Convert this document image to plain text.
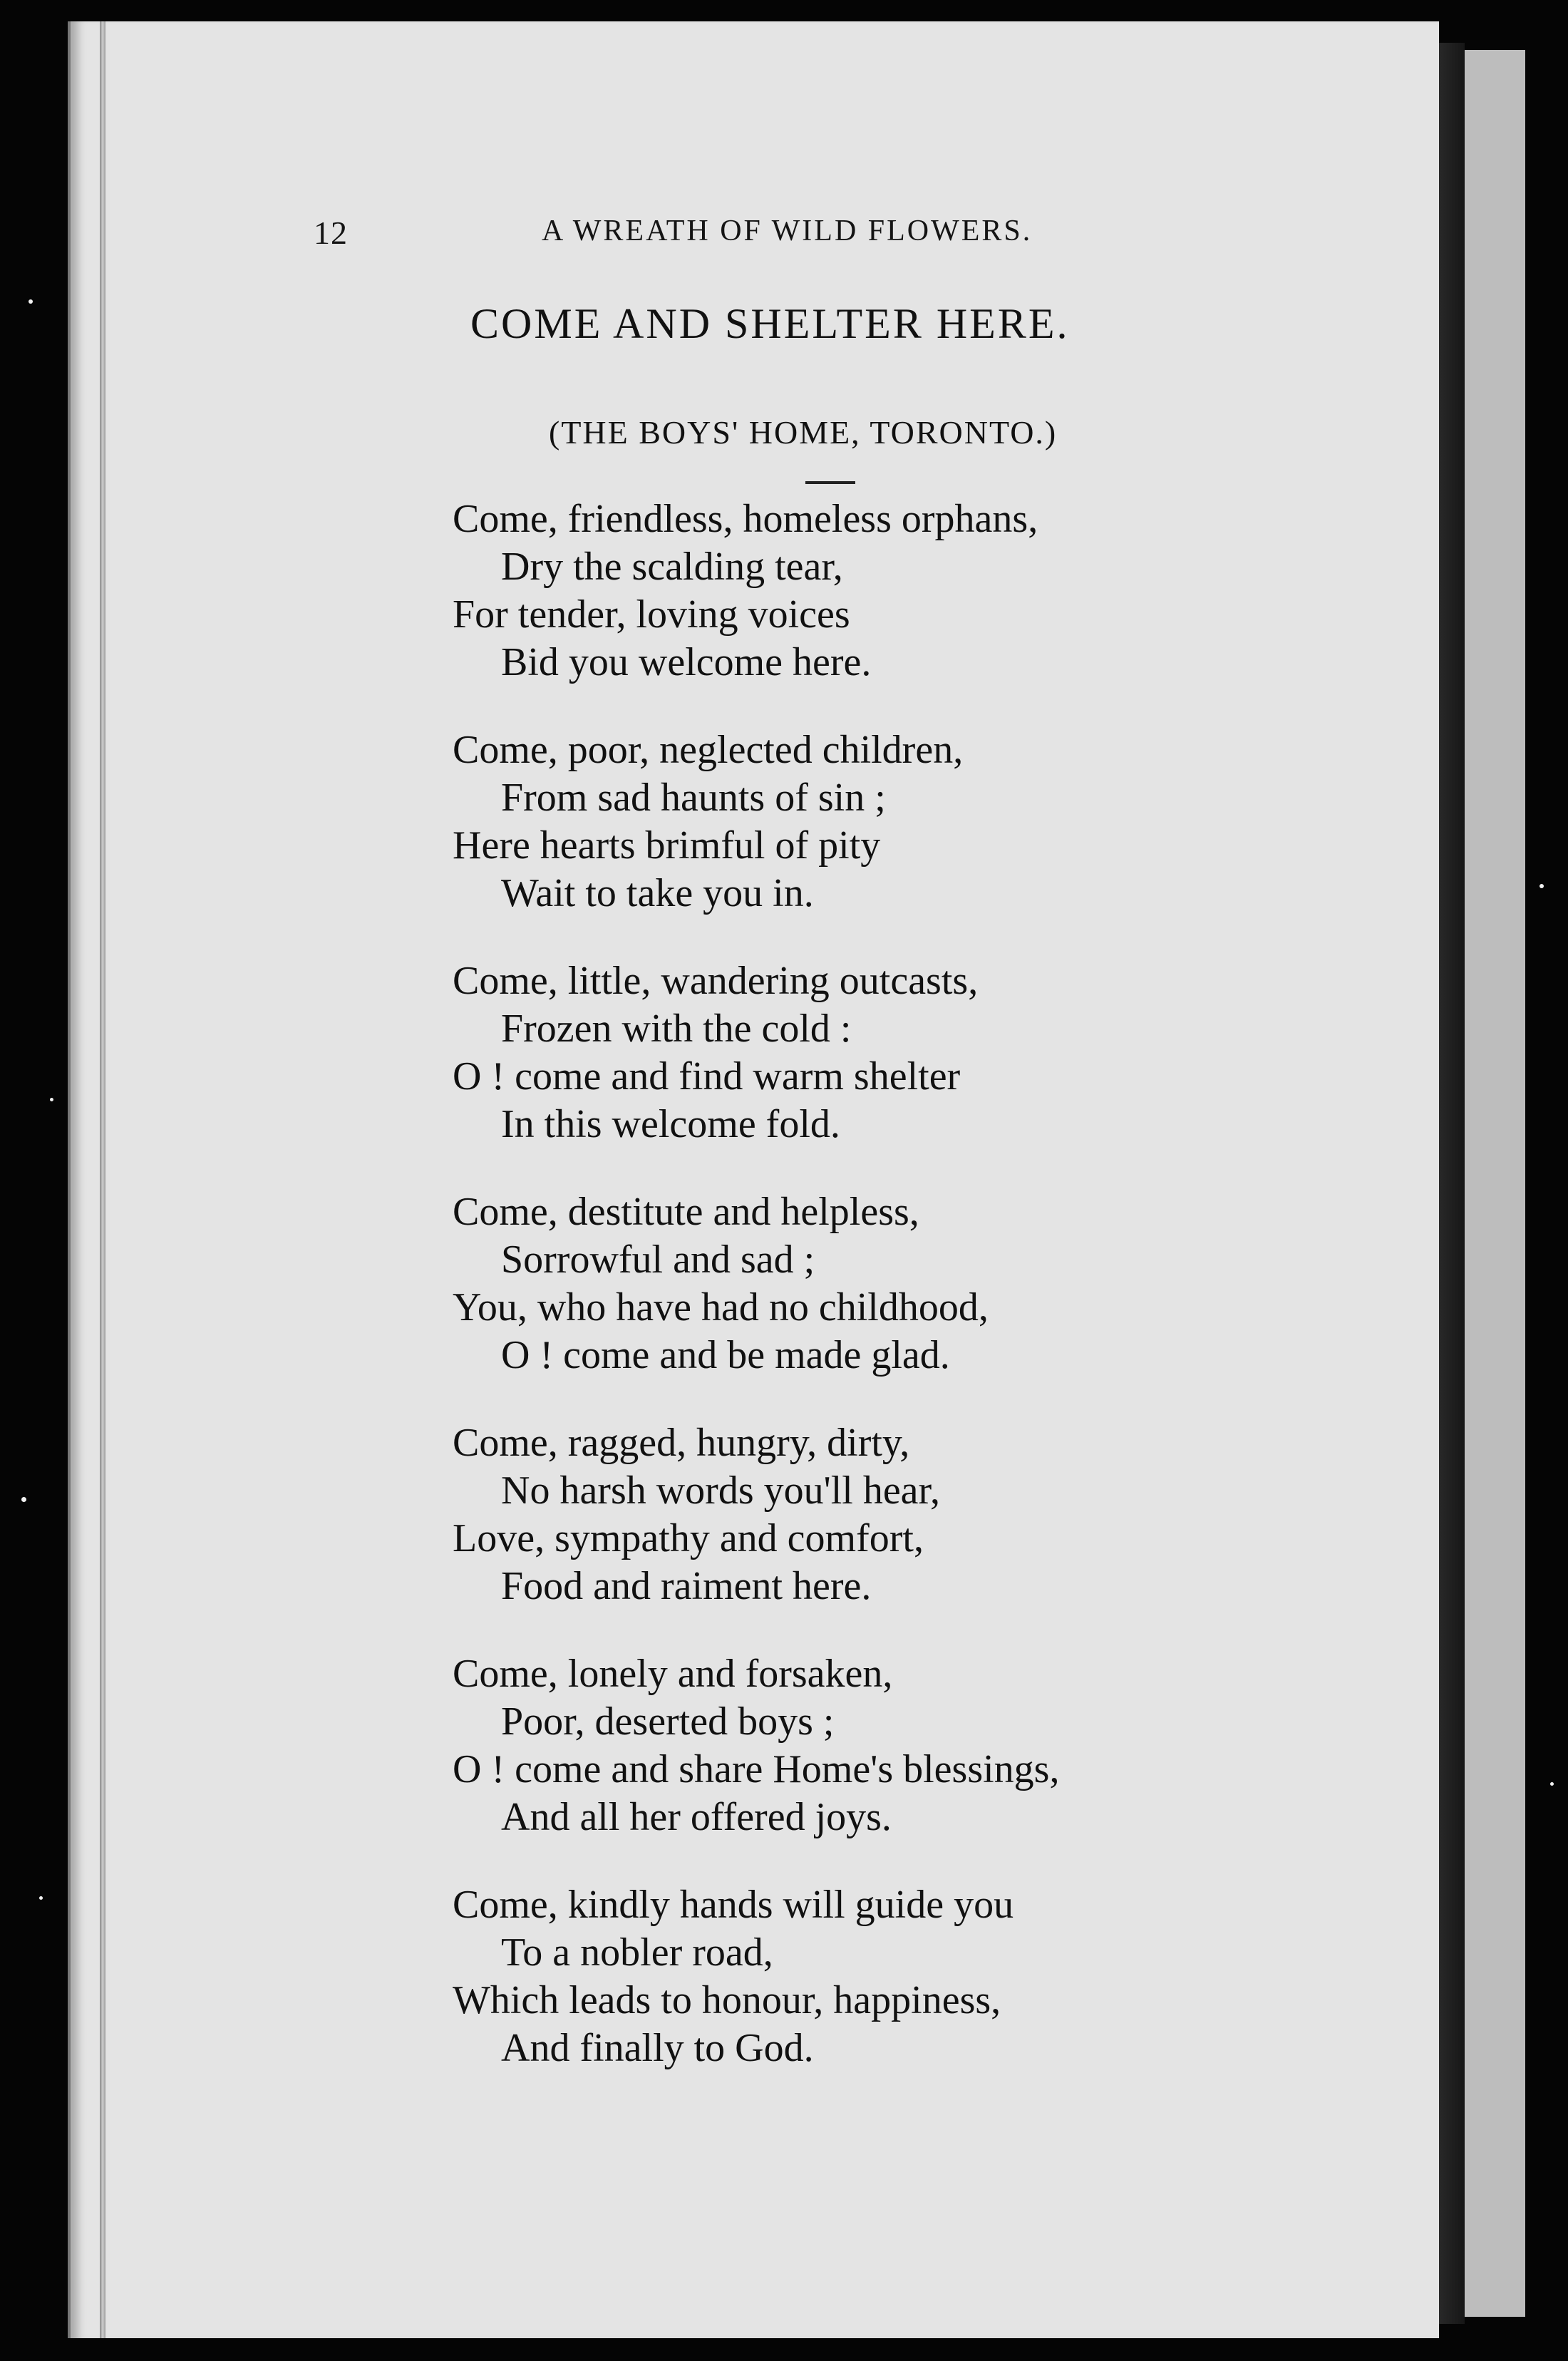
12	A WREATH OF WILD FLOWERS.
COME AND SHELTER HERE.
(THE BOYS' HOME, TORONTO.)
Come, friendless, homeless orphans,
Dry the scalding tear,
For tender, loving voices
Bid you welcome here.
Come, poor, neglected children,
From sad haunts of sin ;
Here hearts brimful of pity
Wait to take you in.
Come, little, wandering outcasts,
Frozen with the cold :
O ! come and find warm shelter
In this welcome fold.
Come, destitute and helpless,
Sorrowful and sad ;
You, who have had no childhood,
O ! come and be made glad.
Come, ragged, hungry, dirty,
No harsh words you'll hear,
Love, sympathy and comfort,
Food and raiment here.
Come, lonely and forsaken,
Poor, deserted boys ;
O ! come and share Home's blessings,
And all her offered joys.
Come, kindly hands will guide you
To a nobler road,
Which leads to honour, happiness,
And finally to God.
